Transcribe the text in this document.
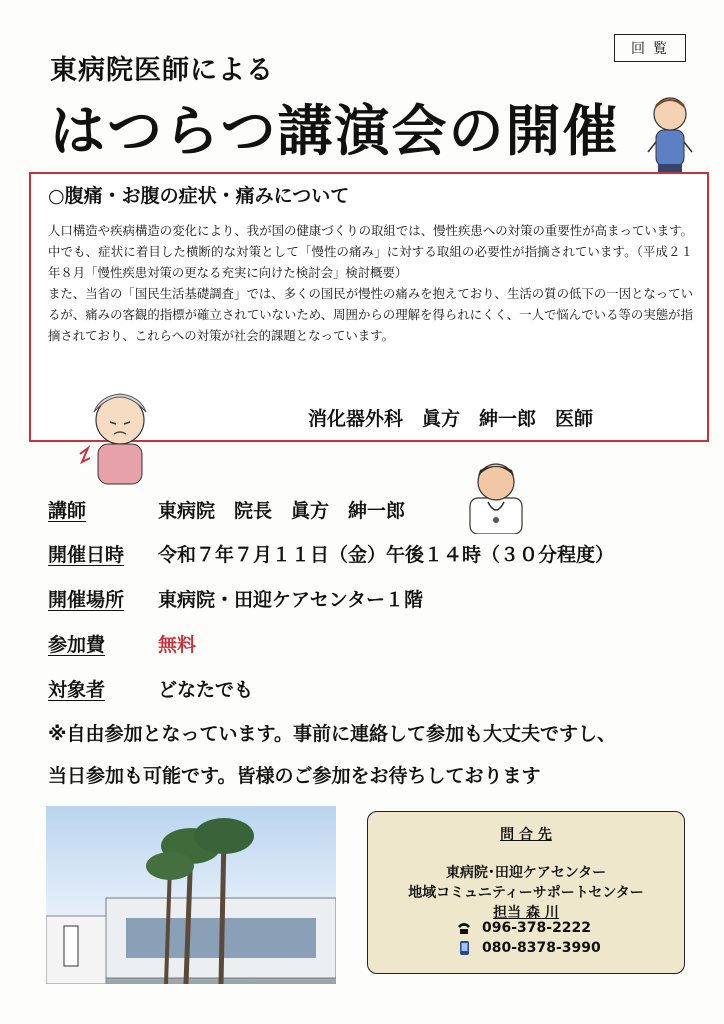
回覧
東病院医師による
はつらつ講演会の開催
○腹痛・お腹の症状・痛みについて
人口構造や疾病構造の変化により、我が国の健康づくりの取組では、慢性疾患への対策の重要性が高まっています。中でも、症状に着目した横断的な対策として「慢性の痛み」に対する取組の必要性が指摘されています。（平成２１年８月「慢性疾患対策の更なる充実に向けた検討会」検討概要）
また、当省の「国民生活基礎調査」では、多くの国民が慢性の痛みを抱えており、生活の質の低下の一因となっているが、痛みの客観的指標が確立されていないため、周囲からの理解を得られにくく、一人で悩んでいる等の実態が指摘されており、これらへの対策が社会的課題となっています。
消化器外科　眞方　紳一郎　医師
講師	東病院　院長　眞方　紳一郎
開催日時 令和７年７月１１日（金）午後１４時（３０分程度）
開催場所 東病院・田迎ケアセンター１階
参加費	無料
対象者	どなたでも
※自由参加となっています。事前に連絡して参加も大丈夫ですし、
当日参加も可能です。皆様のご参加をお待ちしております
問 合 先
東病院･田迎ケアセンター
地域コミュニティーサポートセンター
担当 森 川
096-378-2222
080-8378-3990
